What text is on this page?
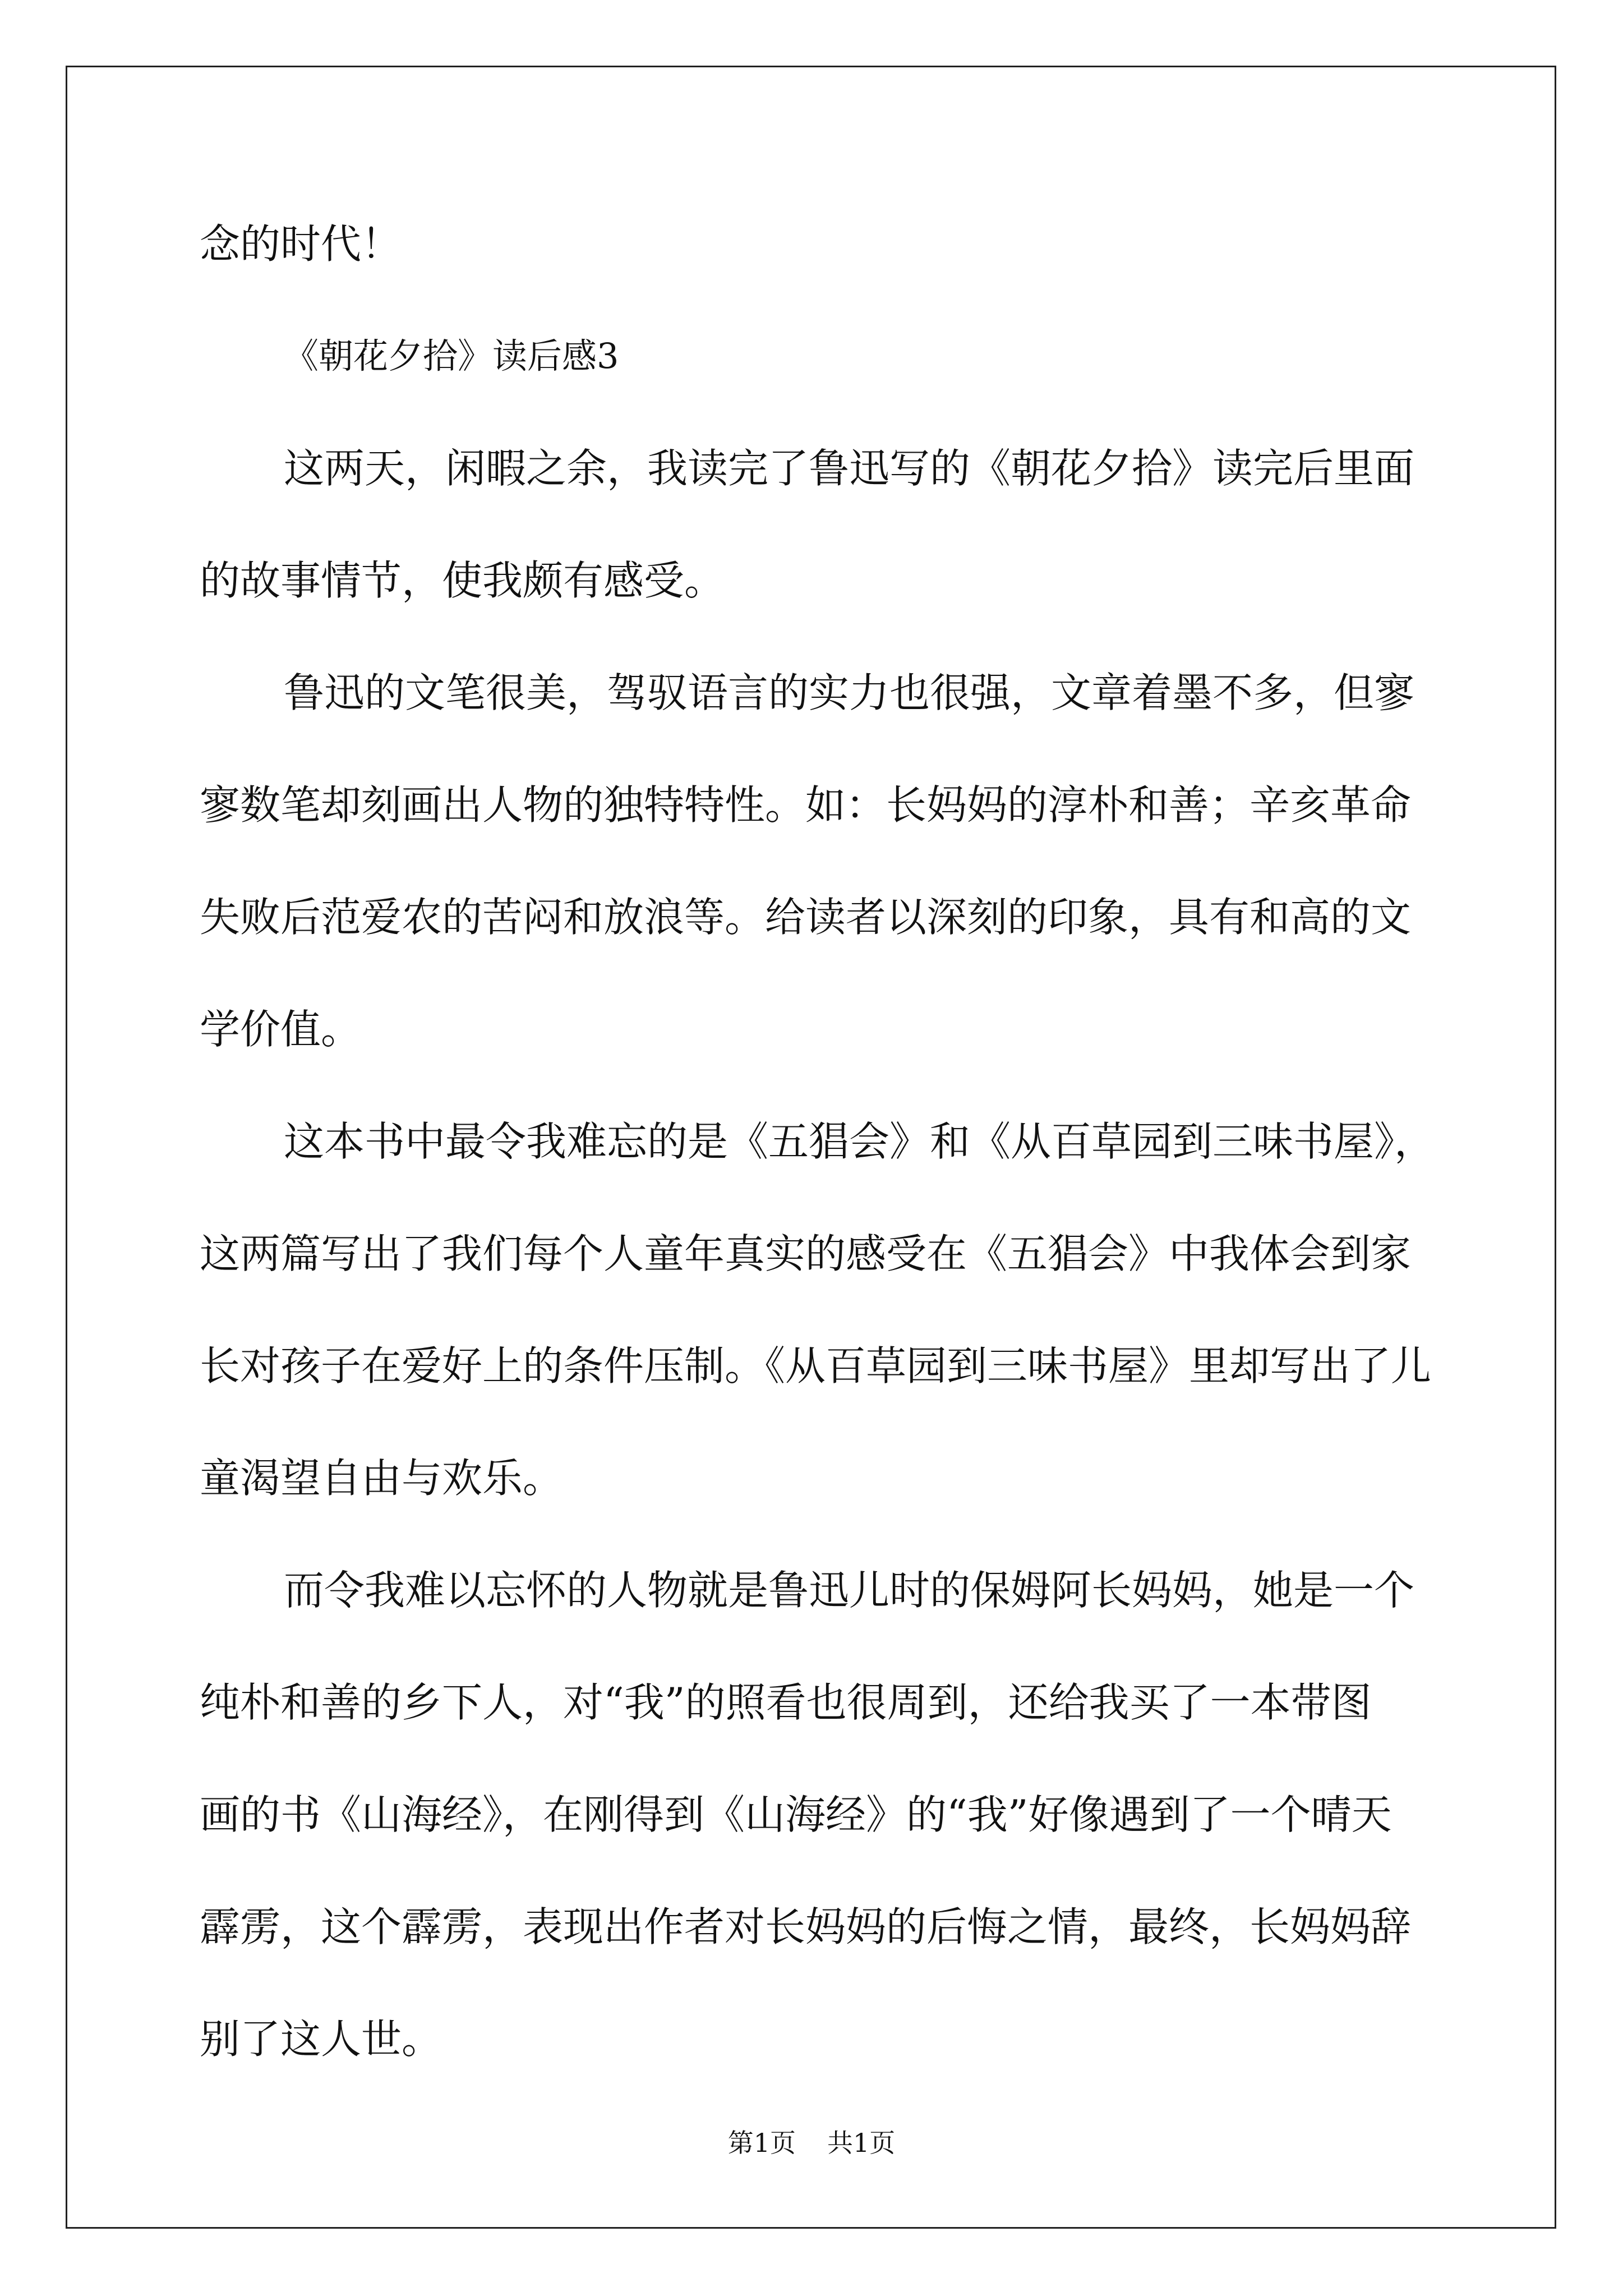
念的时代！
《朝花夕拾》读后感3
这两天，闲暇之余，我读完了鲁迅写的《朝花夕拾》读完后里面
的故事情节，使我颇有感受。
鲁迅的文笔很美，驾驭语言的实力也很强，文章着墨不多，但寥
寥数笔却刻画出人物的独特特性。如：长妈妈的淳朴和善；辛亥革命
失败后范爱农的苦闷和放浪等。给读者以深刻的印象，具有和高的文
学价值。
这本书中最令我难忘的是《五猖会》和《从百草园到三味书屋》，
这两篇写出了我们每个人童年真实的感受在《五猖会》中我体会到家
长对孩子在爱好上的条件压制。《从百草园到三味书屋》里却写出了儿
童渴望自由与欢乐。
而令我难以忘怀的人物就是鲁迅儿时的保姆阿长妈妈，她是一个
纯朴和善的乡下人，对“我”的照看也很周到，还给我买了一本带图
画的书《山海经》，在刚得到《山海经》的“我”好像遇到了一个晴天
霹雳，这个霹雳，表现出作者对长妈妈的后悔之情，最终，长妈妈辞
别了这人世。
第1页 共1页
